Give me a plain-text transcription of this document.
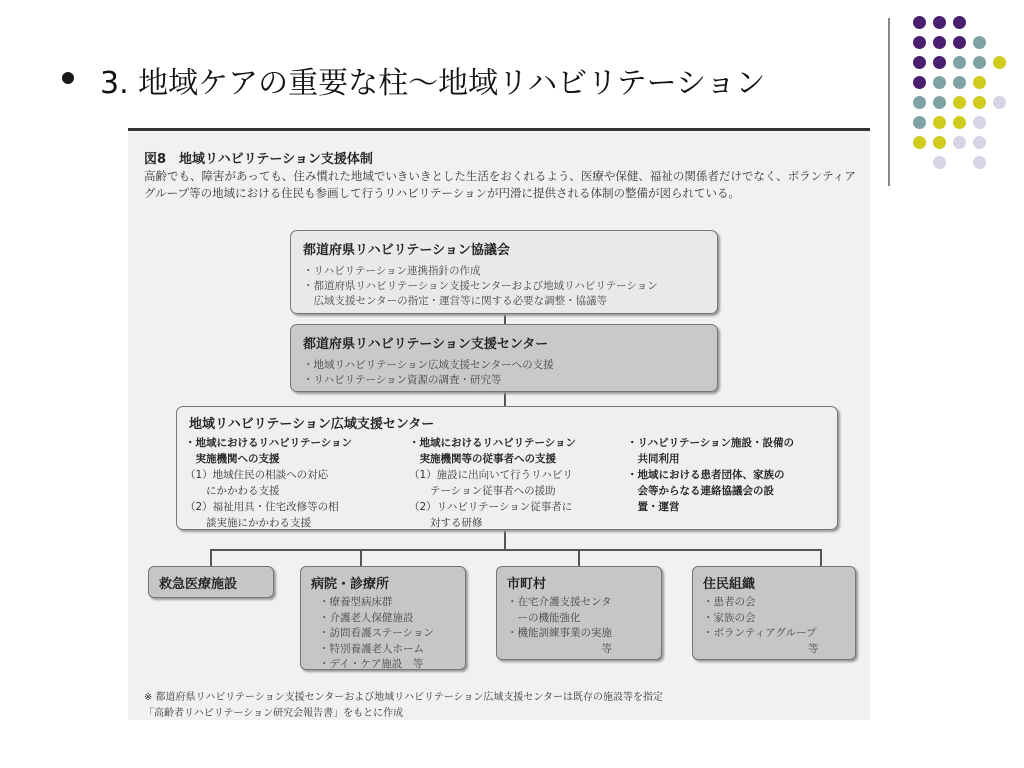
3. 地域ケアの重要な柱～地域リハビリテーション
図8　地域リハビリテーション支援体制
高齢でも、障害があっても、住み慣れた地域でいきいきとした生活をおくれるよう、医療や保健、福祉の関係者だけでなく、ボランティアグループ等の地域における住民も参画して行うリハビリテーションが円滑に提供される体制の整備が図られている。
都道府県リハビリテーション協議会
・リハビリテーション連携指針の作成
・都道府県リハビリテーション支援センターおよび地域リハビリテーション
　広域支援センターの指定・運営等に関する必要な調整・協議等
都道府県リハビリテーション支援センター
・地域リハビリテーション広域支援センターへの支援
・リハビリテーション資源の調査・研究等
地域リハビリテーション広域支援センター
・地域におけるリハビリテーション
　実施機関への支援
（1）地域住民の相談への対応
　　にかかわる支援
（2）福祉用具・住宅改修等の相
　　談実施にかかわる支援
・地域におけるリハビリテーション
　実施機関等の従事者への支援
（1）施設に出向いて行うリハビリ
　　テーション従事者への援助
（2）リハビリテーション従事者に
　　対する研修
・リハビリテーション施設・設備の
　共同利用
・地域における患者団体、家族の
　会等からなる連絡協議会の設
　置・運営
救急医療施設	病院・診療所
・療養型病床群
・介護老人保健施設
・訪問看護ステーション
・特別養護老人ホーム
・デイ・ケア施設　等
市町村
・在宅介護支援センタ
　ーの機能強化
・機能訓練事業の実施
　　　　　　　　　等
住民組織
・患者の会
・家族の会
・ボランティアグループ
　　　　　　　　　　等
※ 都道府県リハビリテーション支援センターおよび地域リハビリテーション広域支援センターは既存の施設等を指定
「高齢者リハビリテーション研究会報告書」をもとに作成
